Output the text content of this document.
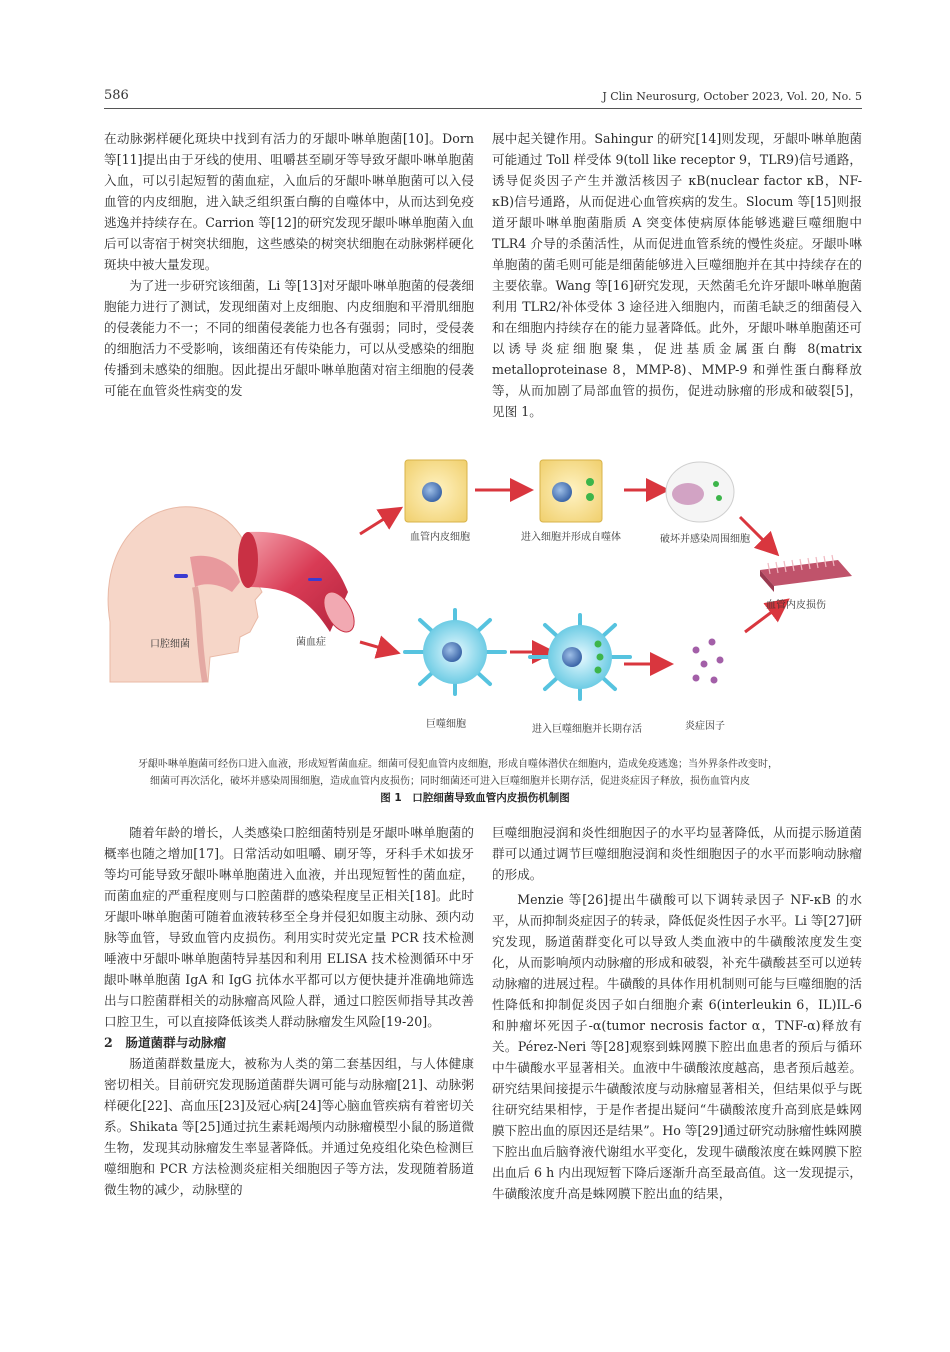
586	J Clin Neurosurg, October 2023, Vol. 20, No. 5

在动脉粥样硬化斑块中找到有活力的牙龈卟啉单胞菌[10]。Dorn 等[11]提出由于牙线的使用、咀嚼甚至刷牙等导致牙龈卟啉单胞菌入血，可以引起短暂的菌血症，入血后的牙龈卟啉单胞菌可以入侵血管的内皮细胞，进入缺乏组织蛋白酶的自噬体中，从而达到免疫逃逸并持续存在。Carrion 等[12]的研究发现牙龈卟啉单胞菌入血后可以寄宿于树突状细胞，这些感染的树突状细胞在动脉粥样硬化斑块中被大量发现。

为了进一步研究该细菌，Li 等[13]对牙龈卟啉单胞菌的侵袭细胞能力进行了测试，发现细菌对上皮细胞、内皮细胞和平滑肌细胞的侵袭能力不一；不同的细菌侵袭能力也各有强弱；同时，受侵袭的细胞活力不受影响，该细菌还有传染能力，可以从受感染的细胞传播到未感染的细胞。因此提出牙龈卟啉单胞菌对宿主细胞的侵袭可能在血管炎性病变的发

展中起关键作用。Sahingur 的研究[14]则发现，牙龈卟啉单胞菌可能通过 Toll 样受体 9(toll like receptor 9，TLR9)信号通路，诱导促炎因子产生并激活核因子 κB(nuclear factor κB，NF-κB)信号通路，从而促进心血管疾病的发生。Slocum 等[15]则报道牙龈卟啉单胞菌脂质 A 突变体使病原体能够逃避巨噬细胞中 TLR4 介导的杀菌活性，从而促进血管系统的慢性炎症。牙龈卟啉单胞菌的菌毛则可能是细菌能够进入巨噬细胞并在其中持续存在的主要依靠。Wang 等[16]研究发现，天然菌毛允许牙龈卟啉单胞菌利用 TLR2/补体受体 3 途径进入细胞内，而菌毛缺乏的细菌侵入和在细胞内持续存在的能力显著降低。此外，牙龈卟啉单胞菌还可以诱导炎症细胞聚集，促进基质金属蛋白酶 8(matrix metalloproteinase 8，MMP-8)、MMP-9 和弹性蛋白酶释放等，从而加剧了局部血管的损伤，促进动脉瘤的形成和破裂[5]，见图 1。

口腔细菌	菌血症
血管内皮细胞	进入细胞并形成自噬体	破坏并感染周围细胞
血管内皮损伤
巨噬细胞	进入巨噬细胞并长期存活	炎症因子
牙龈卟啉单胞菌可经伤口进入血液，形成短暂菌血症。细菌可侵犯血管内皮细胞，形成自噬体潜伏在细胞内，造成免疫逃逸；当外界条件改变时，
细菌可再次活化，破坏并感染周围细胞，造成血管内皮损伤；同时细菌还可进入巨噬细胞并长期存活，促进炎症因子释放，损伤血管内皮
图 1　口腔细菌导致血管内皮损伤机制图

随着年龄的增长，人类感染口腔细菌特别是牙龈卟啉单胞菌的概率也随之增加[17]。日常活动如咀嚼、刷牙等，牙科手术如拔牙等均可能导致牙龈卟啉单胞菌进入血液，并出现短暂性的菌血症，而菌血症的严重程度则与口腔菌群的感染程度呈正相关[18]。此时牙龈卟啉单胞菌可随着血液转移至全身并侵犯如腹主动脉、颈内动脉等血管，导致血管内皮损伤。利用实时荧光定量 PCR 技术检测唾液中牙龈卟啉单胞菌特异基因和利用 ELISA 技术检测循环中牙龈卟啉单胞菌 IgA 和 IgG 抗体水平都可以方便快捷并准确地筛选出与口腔菌群相关的动脉瘤高风险人群，通过口腔医师指导其改善口腔卫生，可以直接降低该类人群动脉瘤发生风险[19-20]。

2　肠道菌群与动脉瘤

肠道菌群数量庞大，被称为人类的第二套基因组，与人体健康密切相关。目前研究发现肠道菌群失调可能与动脉瘤[21]、动脉粥样硬化[22]、高血压[23]及冠心病[24]等心脑血管疾病有着密切关系。Shikata 等[25]通过抗生素耗竭颅内动脉瘤模型小鼠的肠道微生物，发现其动脉瘤发生率显著降低。并通过免疫组化染色检测巨噬细胞和 PCR 方法检测炎症相关细胞因子等方法，发现随着肠道微生物的减少，动脉壁的

巨噬细胞浸润和炎性细胞因子的水平均显著降低，从而提示肠道菌群可以通过调节巨噬细胞浸润和炎性细胞因子的水平而影响动脉瘤的形成。

Menzie 等[26]提出牛磺酸可以下调转录因子 NF-κB 的水平，从而抑制炎症因子的转录，降低促炎性因子水平。Li 等[27]研究发现，肠道菌群变化可以导致人类血液中的牛磺酸浓度发生变化，从而影响颅内动脉瘤的形成和破裂，补充牛磺酸甚至可以逆转动脉瘤的进展过程。牛磺酸的具体作用机制则可能与巨噬细胞的活性降低和抑制促炎因子如白细胞介素 6(interleukin 6，IL)IL-6 和肿瘤坏死因子-α(tumor necrosis factor α，TNF-α)释放有关。Pérez-Neri 等[28]观察到蛛网膜下腔出血患者的预后与循环中牛磺酸水平显著相关。血液中牛磺酸浓度越高，患者预后越差。研究结果间接提示牛磺酸浓度与动脉瘤显著相关，但结果似乎与既往研究结果相悖，于是作者提出疑问“牛磺酸浓度升高到底是蛛网膜下腔出血的原因还是结果”。Ho 等[29]通过研究动脉瘤性蛛网膜下腔出血后脑脊液代谢组水平变化，发现牛磺酸浓度在蛛网膜下腔出血后 6 h 内出现短暂下降后逐渐升高至最高值。这一发现提示，牛磺酸浓度升高是蛛网膜下腔出血的结果，
